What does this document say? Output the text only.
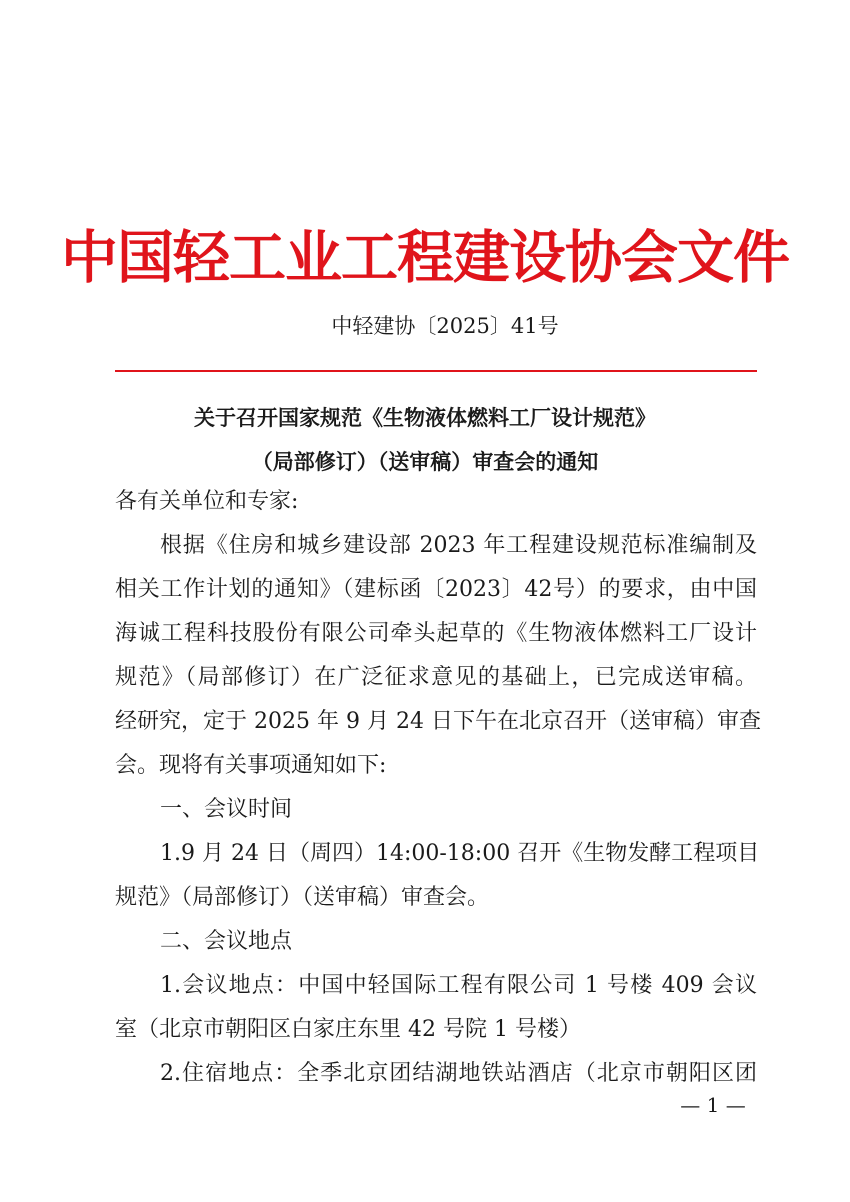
中国轻工业工程建设协会文件
中轻建协〔2025〕41号
关于召开国家规范《生物液体燃料工厂设计规范》
（局部修订）（送审稿）审查会的通知
各有关单位和专家:
根据《住房和城乡建设部 2023 年工程建设规范标准编制及
相关工作计划的通知》（建标函〔2023〕42号）的要求，由中国
海诚工程科技股份有限公司牵头起草的《生物液体燃料工厂设计
规范》（局部修订）在广泛征求意见的基础上，已完成送审稿。
经研究，定于 2025 年 9 月 24 日下午在北京召开（送审稿）审查
会。现将有关事项通知如下:
一、会议时间
1.9 月 24 日（周四）14:00-18:00 召开《生物发酵工程项目
规范》（局部修订）（送审稿）审查会。
二、会议地点
1.会议地点：中国中轻国际工程有限公司 1 号楼 409 会议
室（北京市朝阳区白家庄东里 42 号院 1 号楼）
2.住宿地点：全季北京团结湖地铁站酒店（北京市朝阳区团
— 1 —
